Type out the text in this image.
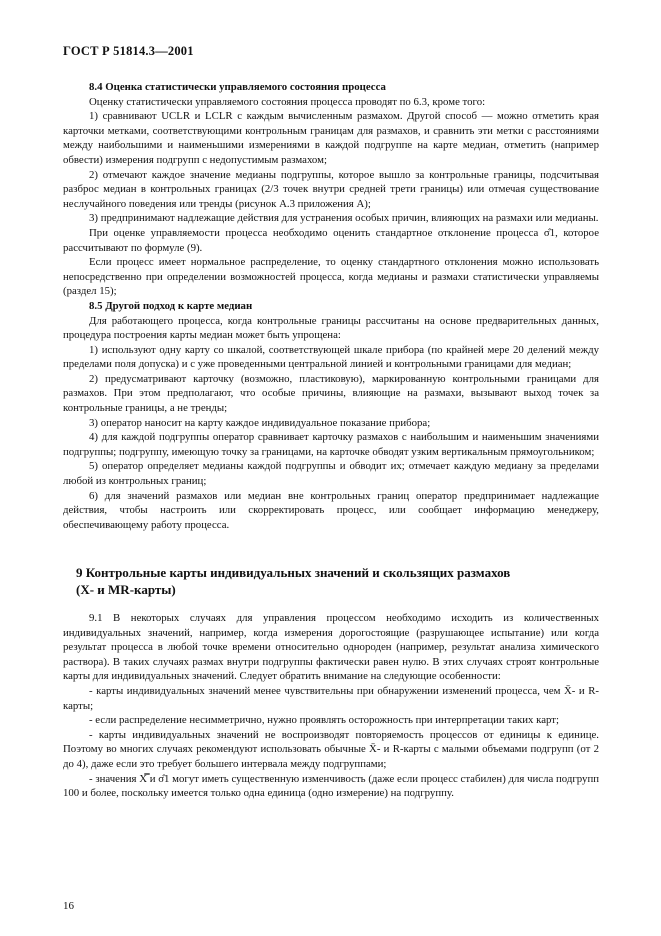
ГОСТ Р 51814.3—2001

8.4 Оценка статистически управляемого состояния процесса

Оценку статистически управляемого состояния процесса проводят по 6.3, кроме того:

1) сравнивают UCLR и LCLR с каждым вычисленным размахом. Другой способ — можно отметить края карточки метками, соответствующими контрольным границам для размахов, и сравнить эти метки с расстояниями между наибольшими и наименьшими измерениями в каждой подгруппе на карте медиан, отметить (например обвести) измерения подгрупп с недопустимым размахом;

2) отмечают каждое значение медианы подгруппы, которое вышло за контрольные границы, подсчитывая разброс медиан в контрольных границах (2/3 точек внутри средней трети границы) или отмечая существование неслучайного поведения или тренды (рисунок А.3 приложения А);

3) предпринимают надлежащие действия для устранения особых причин, влияющих на размахи или медианы.

При оценке управляемости процесса необходимо оценить стандартное отклонение процесса σ̂1, которое рассчитывают по формуле (9).

Если процесс имеет нормальное распределение, то оценку стандартного отклонения можно использовать непосредственно при определении возможностей процесса, когда медианы и размахи статистически управляемы (раздел 15);

8.5 Другой подход к карте медиан

Для работающего процесса, когда контрольные границы рассчитаны на основе предварительных данных, процедура построения карты медиан может быть упрощена:

1) используют одну карту со шкалой, соответствующей шкале прибора (по крайней мере 20 делений между пределами поля допуска) и с уже проведенными центральной линией и контрольными границами для медиан;

2) предусматривают карточку (возможно, пластиковую), маркированную контрольными границами для размахов. При этом предполагают, что особые причины, влияющие на размахи, вызывают выход точек за контрольные границы, а не тренды;

3) оператор наносит на карту каждое индивидуальное показание прибора;

4) для каждой подгруппы оператор сравнивает карточку размахов с наибольшим и наименьшим значениями подгруппы; подгруппу, имеющую точку за границами, на карточке обводят узким вертикальным прямоугольником;

5) оператор определяет медианы каждой подгруппы и обводит их; отмечает каждую медиану за пределами любой из контрольных границ;

6) для значений размахов или медиан вне контрольных границ оператор предпринимает надлежащие действия, чтобы настроить или скорректировать процесс, или сообщает информацию менеджеру, обеспечивающему работу процесса.

9 Контрольные карты индивидуальных значений и скользящих размахов
(X- и MR-карты)

9.1 В некоторых случаях для управления процессом необходимо исходить из количественных индивидуальных значений, например, когда измерения дорогостоящие (разрушающее испытание) или когда результат процесса в любой точке времени относительно однороден (например, результат анализа химического раствора). В таких случаях размах внутри подгруппы фактически равен нулю. В этих случаях строят контрольные карты для индивидуальных значений. Следует обратить внимание на следующие особенности:

- карты индивидуальных значений менее чувствительны при обнаружении изменений процесса, чем X̄- и R-карты;

- если распределение несимметрично, нужно проявлять осторожность при интерпретации таких карт;

- карты индивидуальных значений не воспроизводят повторяемость процессов от единицы к единице. Поэтому во многих случаях рекомендуют использовать обычные X̄- и R-карты с малыми объемами подгрупп (от 2 до 4), даже если это требует большего интервала между подгруппами;

- значения X̿ и σ̂1 могут иметь существенную изменчивость (даже если процесс стабилен) для числа подгрупп 100 и более, поскольку имеется только одна единица (одно измерение) на подгруппу.

16
